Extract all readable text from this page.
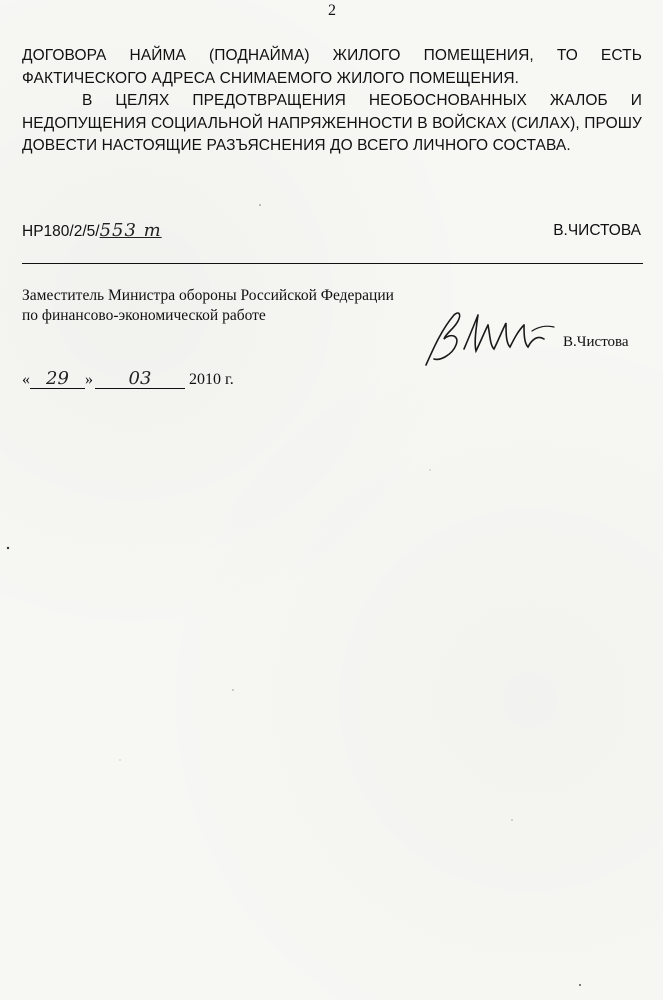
2

ДОГОВОРА НАЙМА (ПОДНАЙМА) ЖИЛОГО ПОМЕЩЕНИЯ, ТО ЕСТЬ

ФАКТИЧЕСКОГО АДРЕСА СНИМАЕМОГО ЖИЛОГО ПОМЕЩЕНИЯ.

В ЦЕЛЯХ ПРЕДОТВРАЩЕНИЯ НЕОБОСНОВАННЫХ ЖАЛОБ И НЕДОПУЩЕНИЯ СОЦИАЛЬНОЙ НАПРЯЖЕННОСТИ В ВОЙСКАХ (СИЛАХ), ПРОШУ ДОВЕСТИ НАСТОЯЩИЕ РАЗЪЯСНЕНИЯ ДО ВСЕГО ЛИЧНОГО СОСТАВА.

НР180/2/5/553 т	В.ЧИСТОВА
Заместитель Министра обороны Российской Федерации
по финансово-экономической работе
В.Чистова
« 29 » 03 2010 г.
